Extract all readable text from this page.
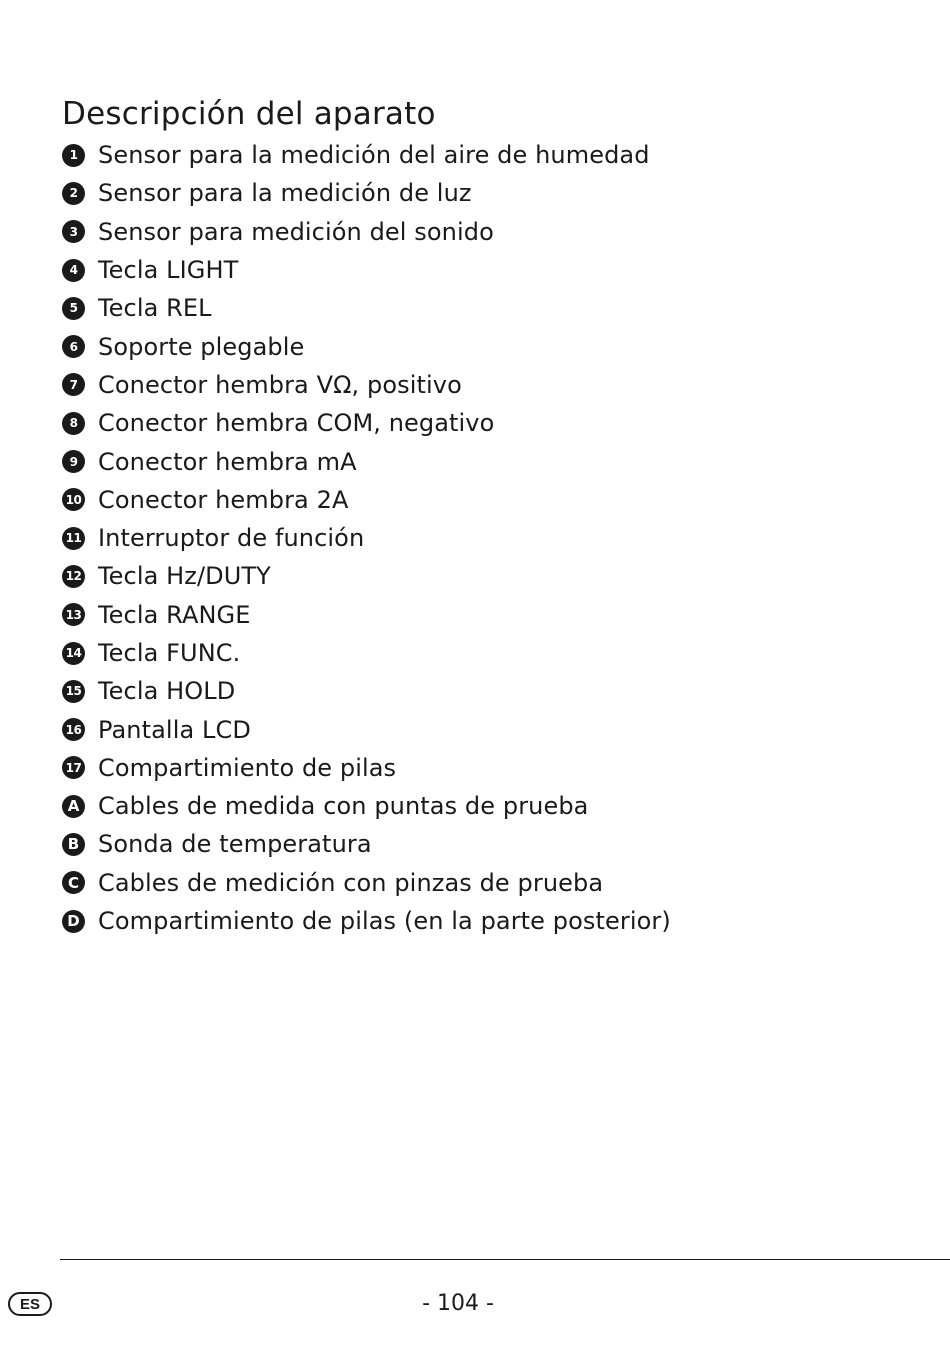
Descripción del aparato
1 Sensor para la medición del aire de humedad
2 Sensor para la medición de luz
3 Sensor para medición del sonido
4 Tecla LIGHT
5 Tecla REL
6 Soporte plegable
7 Conector hembra VΩ, positivo
8 Conector hembra COM, negativo
9 Conector hembra mA
10 Conector hembra 2A
11 Interruptor de función
12 Tecla Hz/DUTY
13 Tecla RANGE
14 Tecla FUNC.
15 Tecla HOLD
16 Pantalla LCD
17 Compartimiento de pilas
A Cables de medida con puntas de prueba
B Sonda de temperatura
C Cables de medición con pinzas de prueba
D Compartimiento de pilas (en la parte posterior)
ES	- 104 -
